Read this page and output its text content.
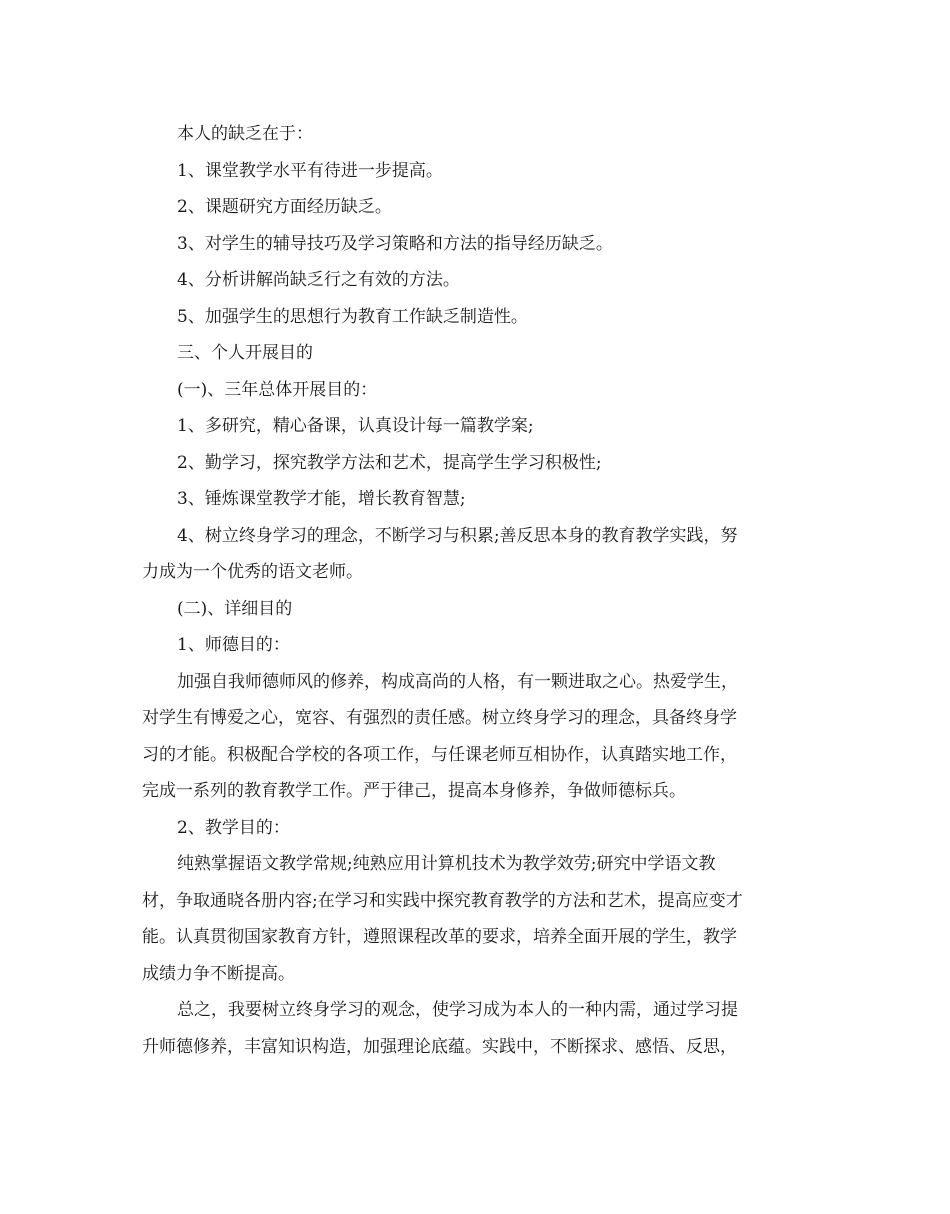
本人的缺乏在于：
1、课堂教学水平有待进一步提高。
2、课题研究方面经历缺乏。
3、对学生的辅导技巧及学习策略和方法的指导经历缺乏。
4、分析讲解尚缺乏行之有效的方法。
5、加强学生的思想行为教育工作缺乏制造性。
三、个人开展目的
(一)、三年总体开展目的：
1、多研究，精心备课，认真设计每一篇教学案;
2、勤学习，探究教学方法和艺术，提高学生学习积极性;
3、锤炼课堂教学才能，增长教育智慧;
4、树立终身学习的理念，不断学习与积累;善反思本身的教育教学实践，努
力成为一个优秀的语文老师。
(二)、详细目的
1、师德目的：
加强自我师德师风的修养，构成高尚的人格，有一颗进取之心。热爱学生，
对学生有博爱之心，宽容、有强烈的责任感。树立终身学习的理念，具备终身学
习的才能。积极配合学校的各项工作，与任课老师互相协作，认真踏实地工作，
完成一系列的教育教学工作。严于律己，提高本身修养，争做师德标兵。
2、教学目的：
纯熟掌握语文教学常规;纯熟应用计算机技术为教学效劳;研究中学语文教
材，争取通晓各册内容;在学习和实践中探究教育教学的方法和艺术，提高应变才
能。认真贯彻国家教育方针，遵照课程改革的要求，培养全面开展的学生，教学
成绩力争不断提高。
总之，我要树立终身学习的观念，使学习成为本人的一种内需，通过学习提
升师德修养，丰富知识构造，加强理论底蕴。实践中，不断探求、感悟、反思，
